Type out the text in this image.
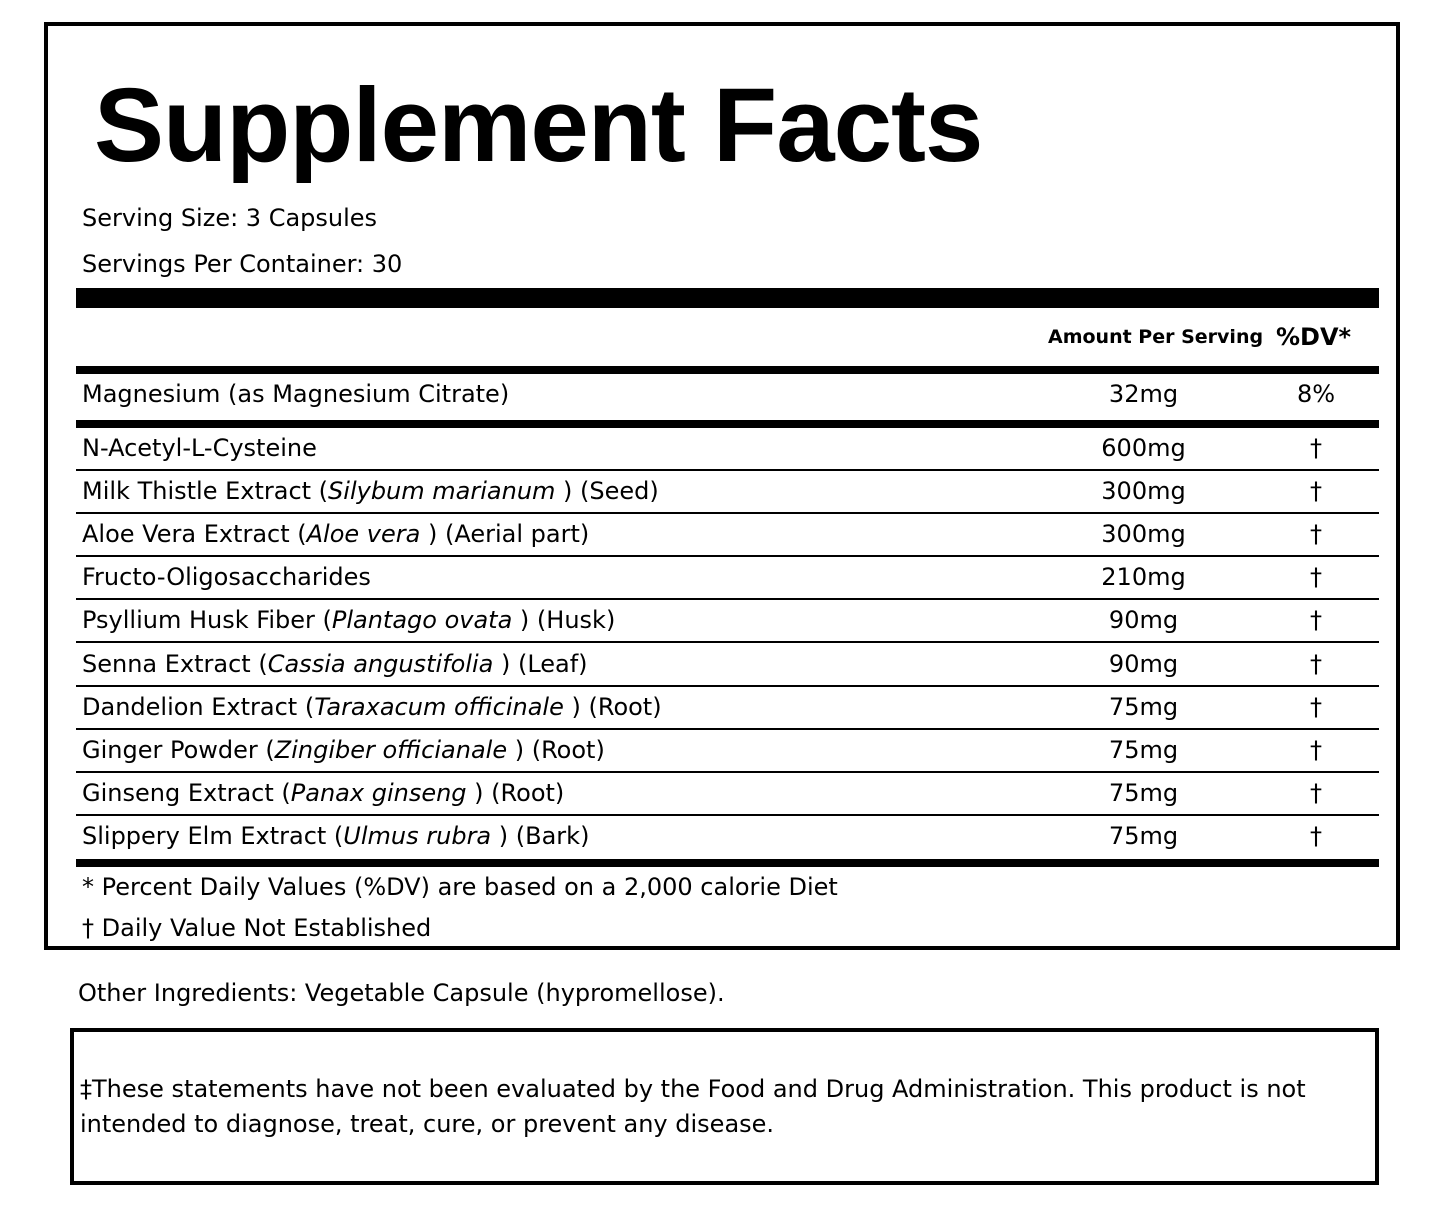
Supplement Facts
Serving Size: 3 Capsules
Servings Per Container: 30
Amount Per Serving %DV*
Magnesium (as Magnesium Citrate)	32mg	8%
N-Acetyl-L-Cysteine	600mg	†
Milk Thistle Extract (Silybum marianum ) (Seed)	300mg	†
Aloe Vera Extract (Aloe vera ) (Aerial part)	300mg	†
Fructo-Oligosaccharides	210mg	†
Psyllium Husk Fiber (Plantago ovata ) (Husk)	90mg	†
Senna Extract (Cassia angustifolia ) (Leaf)	90mg	†
Dandelion Extract (Taraxacum officinale ) (Root)	75mg	†
Ginger Powder (Zingiber officianale ) (Root)	75mg	†
Ginseng Extract (Panax ginseng ) (Root)	75mg	†
Slippery Elm Extract (Ulmus rubra ) (Bark)	75mg	†
* Percent Daily Values (%DV) are based on a 2,000 calorie Diet
† Daily Value Not Established
Other Ingredients: Vegetable Capsule (hypromellose).

‡These statements have not been evaluated by the Food and Drug Administration. This product is not intended to diagnose, treat, cure, or prevent any disease.
